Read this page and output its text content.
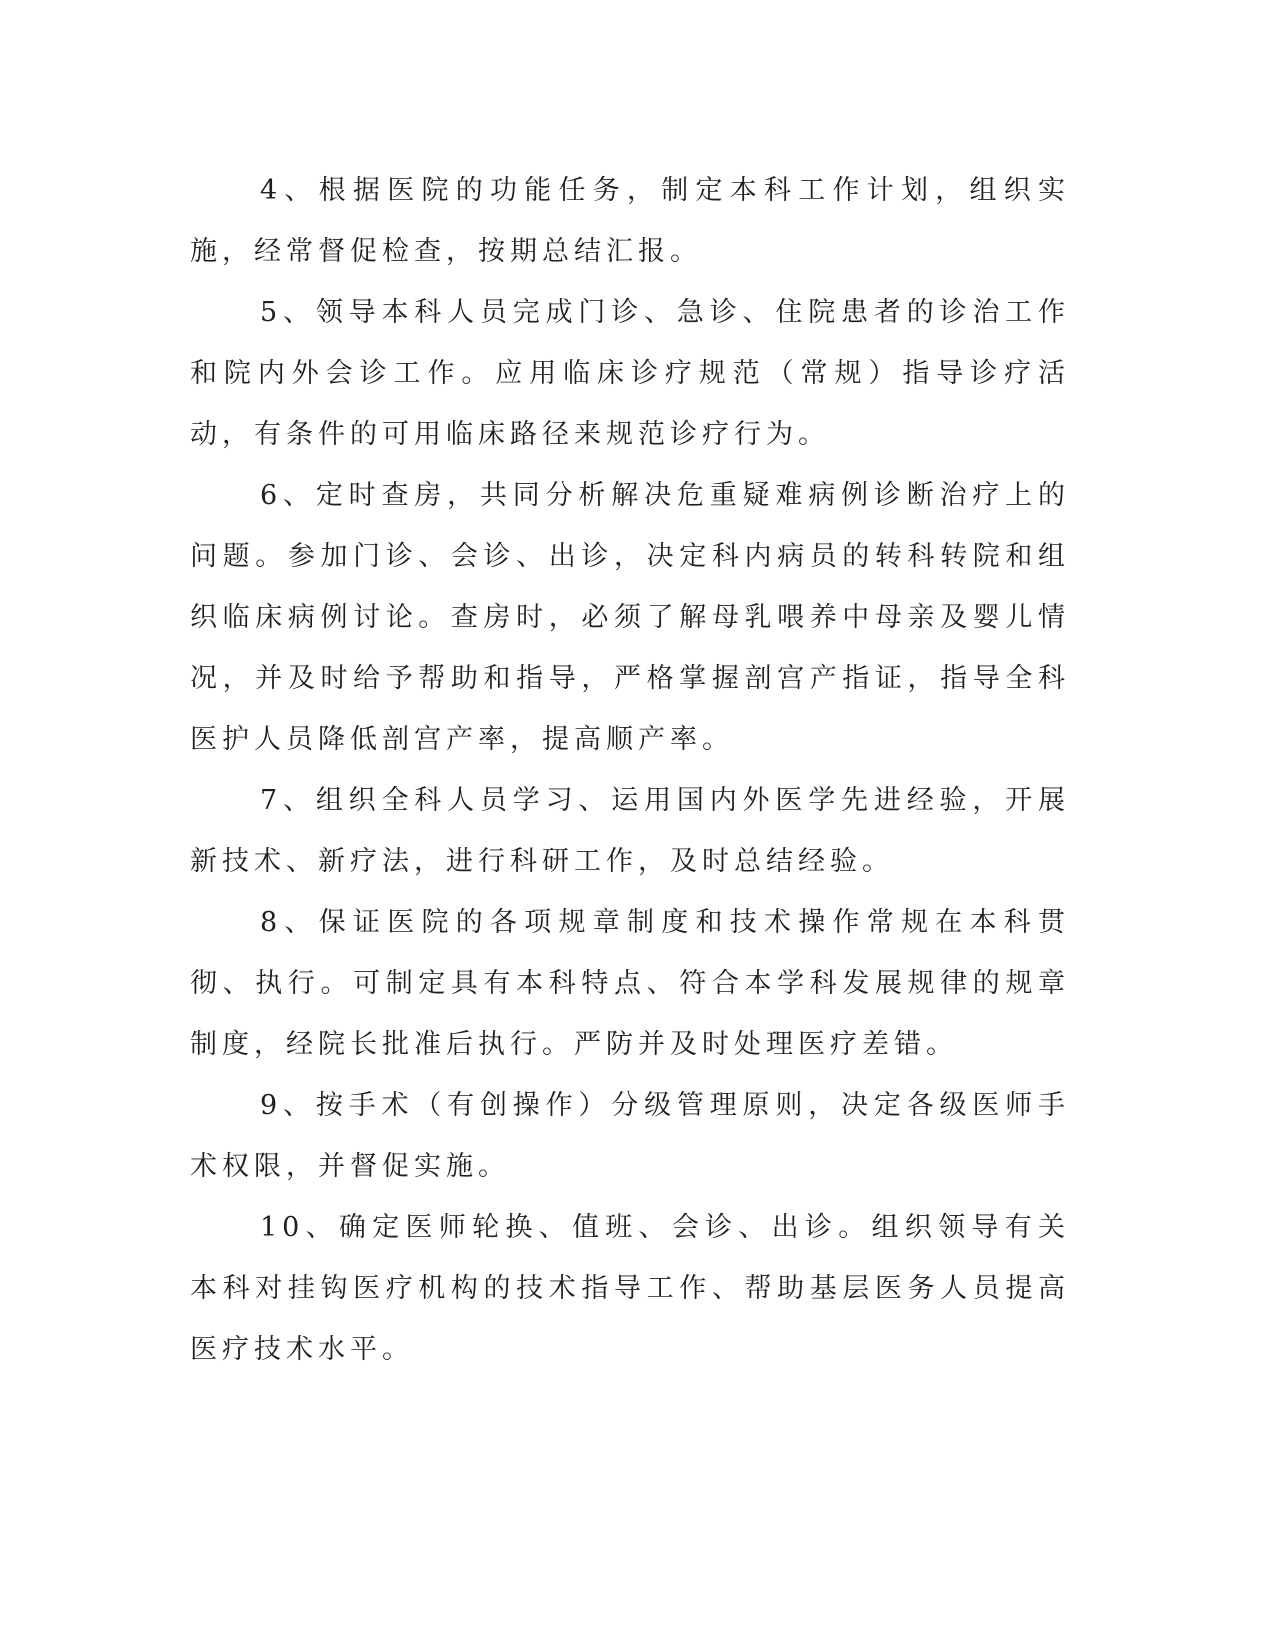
4、根据医院的功能任务，制定本科工作计划，组织实施，经常督促检查，按期总结汇报。

5、领导本科人员完成门诊、急诊、住院患者的诊治工作和院内外会诊工作。应用临床诊疗规范（常规）指导诊疗活动，有条件的可用临床路径来规范诊疗行为。

6、定时查房，共同分析解决危重疑难病例诊断治疗上的问题。参加门诊、会诊、出诊，决定科内病员的转科转院和组织临床病例讨论。查房时，必须了解母乳喂养中母亲及婴儿情况，并及时给予帮助和指导，严格掌握剖宫产指证，指导全科医护人员降低剖宫产率，提高顺产率。

7、组织全科人员学习、运用国内外医学先进经验，开展新技术、新疗法，进行科研工作，及时总结经验。

8、保证医院的各项规章制度和技术操作常规在本科贯彻、执行。可制定具有本科特点、符合本学科发展规律的规章制度，经院长批准后执行。严防并及时处理医疗差错。

9、按手术（有创操作）分级管理原则，决定各级医师手术权限，并督促实施。

10、确定医师轮换、值班、会诊、出诊。组织领导有关本科对挂钩医疗机构的技术指导工作、帮助基层医务人员提高医疗技术水平。
